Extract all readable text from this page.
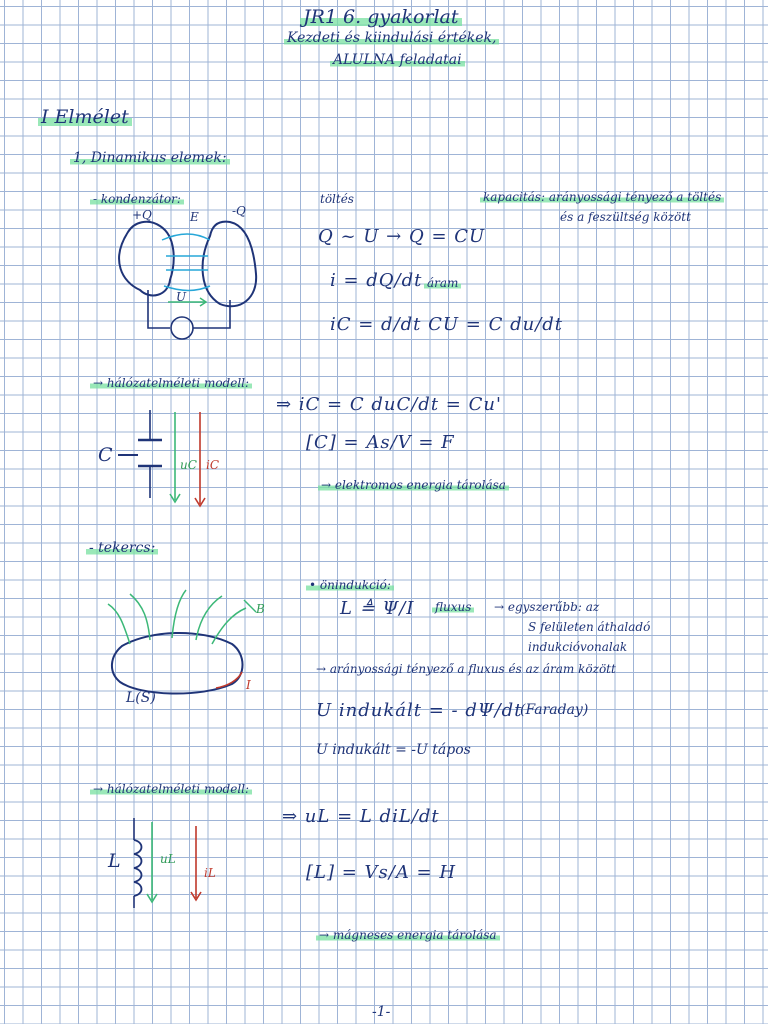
JR1 6. gyakorlat
Kezdeti és kiindulási értékek,
ALULNA feladatai
I Elmélet
1, Dinamikus elemek:
- kondenzátor:
+Q	-Q
E
U
töltés	kapacitás: arányossági tényező a töltés
és a feszültség között
Q ~ U → Q = CU
i = dQ/dt áram
iC = d/dt CU = C du/dt
→ hálózatelméleti modell:
C	uC iC
⇒ iC = C duC/dt = Cu'
[C] = As/V = F
→ elektromos energia tárolása
- tekercs:
B
L(S)
I
• önindukció:
L ≜ Ψ/I fluxus → egyszerűbb: az
S felületen áthaladó
indukcióvonalak
→ arányossági tényező a fluxus és az áram között
U indukált = - dΨ/dt
(Faraday)
U indukált = -U tápos
→ hálózatelméleti modell:
L	uL
iL
⇒ uL = L diL/dt
[L] = Vs/A = H
→ mágneses energia tárolása
-1-
